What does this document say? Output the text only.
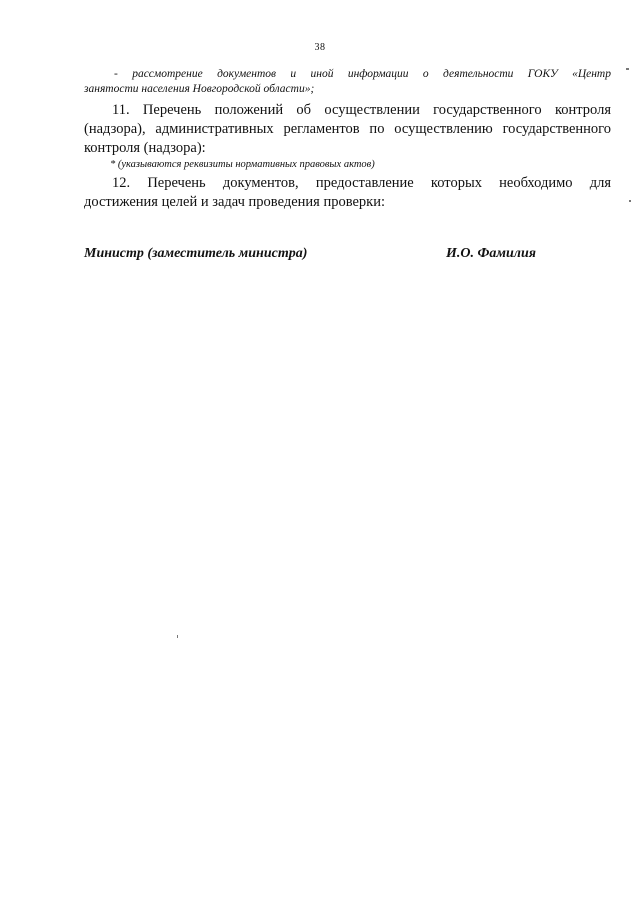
38
- рассмотрение документов и иной информации о деятельности ГОКУ «Центр
занятости населения Новгородской области»;
11. Перечень положений об осуществлении государственного контроля
(надзора), административных регламентов по осуществлению государственного
контроля (надзора):
* (указываются реквизиты нормативных правовых актов)
12. Перечень документов, предоставление которых необходимо для
достижения целей и задач проведения проверки:
Министр (заместитель министра)	И.О. Фамилия
